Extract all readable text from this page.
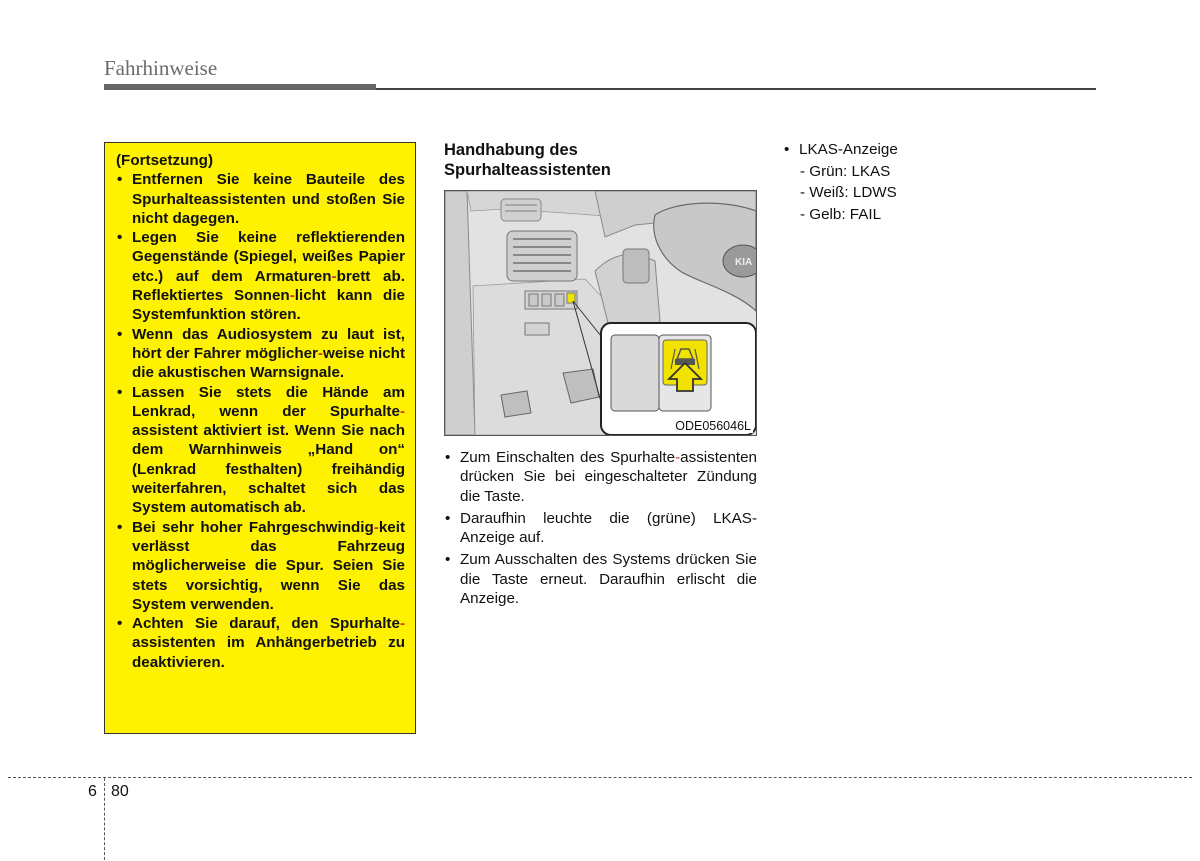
Fahrhinweise
(Fortsetzung)
• Entfernen Sie keine Bauteile des Spurhalteassistenten und stoßen Sie nicht dagegen.
• Legen Sie keine reflektierenden Gegenstände (Spiegel, weißes Papier etc.) auf dem Armaturen-brett ab. Reflektiertes Sonnen-licht kann die Systemfunktion stören.
• Wenn das Audiosystem zu laut ist, hört der Fahrer möglicher-weise nicht die akustischen Warnsignale.
• Lassen Sie stets die Hände am Lenkrad, wenn der Spurhalte-assistent aktiviert ist. Wenn Sie nach dem Warnhinweis „Hand on“ (Lenkrad festhalten) freihändig weiterfahren, schaltet sich das System automatisch ab.
• Bei sehr hoher Fahrgeschwindig-keit verlässt das Fahrzeug möglicherweise die Spur. Seien Sie stets vorsichtig, wenn Sie das System verwenden.
• Achten Sie darauf, den Spurhalte-assistenten im Anhängerbetrieb zu deaktivieren.
Handhabung des
Spurhalteassistenten
KIA
ODE056046L
• Zum Einschalten des Spurhalte-assistenten drücken Sie bei eingeschalteter Zündung die Taste.
• Daraufhin leuchte die (grüne) LKAS-Anzeige auf.
• Zum Ausschalten des Systems drücken Sie die Taste erneut. Daraufhin erlischt die Anzeige.
• LKAS-Anzeige
- Grün: LKAS
- Weiß: LDWS
- Gelb: FAIL
6 80
